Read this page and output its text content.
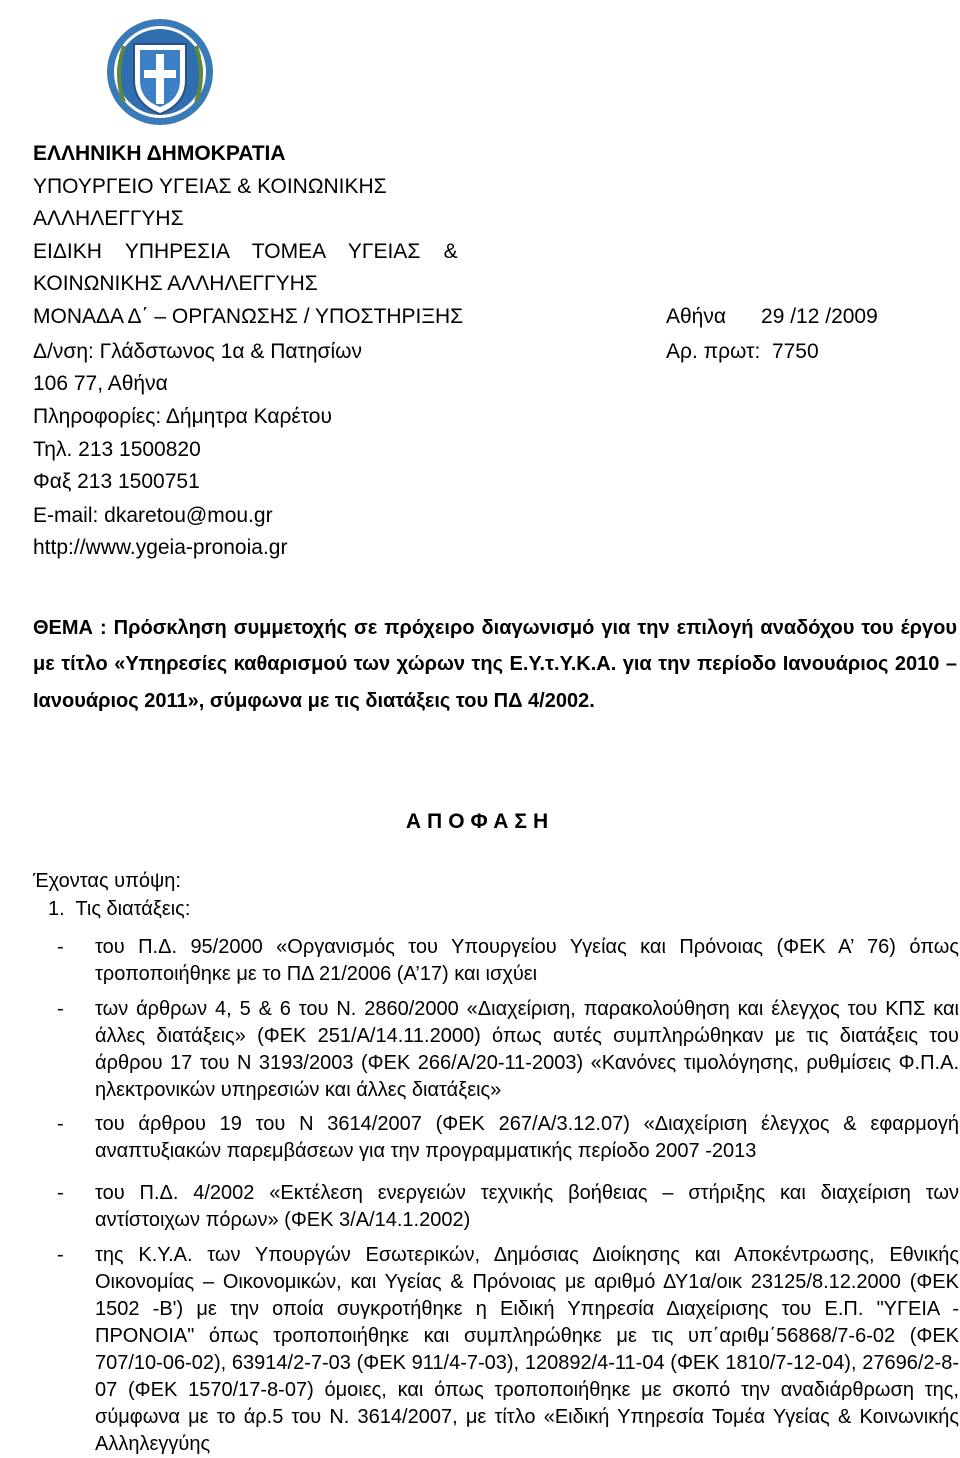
ΕΛΛΗΝΙΚΗ ΔΗΜΟΚΡΑΤΙΑ
ΥΠΟΥΡΓΕΙΟ ΥΓΕΙΑΣ & ΚΟΙΝΩΝΙΚΗΣ
ΑΛΛΗΛΕΓΓΥΗΣ
ΕΙΔΙΚΗ    ΥΠΗΡΕΣΙΑ    ΤΟΜΕΑ    ΥΓΕΙΑΣ    &
ΚΟΙΝΩΝΙΚΗΣ ΑΛΛΗΛΕΓΓΥΗΣ
ΜΟΝΑΔΑ Δ΄ – ΟΡΓΑΝΩΣΗΣ / ΥΠΟΣΤΗΡΙΞΗΣ
Δ/νση: Γλάδστωνος 1α & Πατησίων
106 77, Αθήνα
Πληροφορίες: Δήμητρα Καρέτου
Τηλ. 213 1500820
Φαξ 213 1500751
E-mail: dkaretou@mou.gr
http://www.ygeia-pronoia.gr
Αθήνα      29 /12 /2009
Αρ. πρωτ:  7750
ΘΕΜΑ : Πρόσκληση συμμετοχής σε πρόχειρο διαγωνισμό για την επιλογή αναδόχου του έργου με τίτλο «Υπηρεσίες καθαρισμού των χώρων της Ε.Υ.τ.Υ.Κ.Α. για την περίοδο Ιανουάριος 2010 – Ιανουάριος 2011», σύμφωνα με τις διατάξεις του ΠΔ 4/2002.
ΑΠΟΦΑΣΗ
Έχοντας υπόψη:
1.  Τις διατάξεις:
- του Π.Δ. 95/2000 «Οργανισμός του Υπουργείου Υγείας και Πρόνοιας (ΦΕΚ Α’ 76) όπως τροποποιήθηκε με το ΠΔ 21/2006 (Α’17) και ισχύει
- των άρθρων 4, 5 & 6 του Ν. 2860/2000 «Διαχείριση, παρακολούθηση και έλεγχος του ΚΠΣ και άλλες διατάξεις» (ΦΕΚ 251/Α/14.11.2000) όπως αυτές συμπληρώθηκαν με τις διατάξεις του άρθρου 17 του Ν 3193/2003 (ΦΕΚ 266/Α/20-11-2003) «Κανόνες τιμολόγησης, ρυθμίσεις Φ.Π.Α. ηλεκτρονικών υπηρεσιών και άλλες διατάξεις»
- του άρθρου 19 του Ν 3614/2007 (ΦΕΚ 267/Α/3.12.07) «Διαχείριση έλεγχος & εφαρμογή αναπτυξιακών παρεμβάσεων για την προγραμματικής περίοδο 2007 -2013
- του Π.Δ. 4/2002 «Εκτέλεση ενεργειών τεχνικής βοήθειας – στήριξης και διαχείριση των αντίστοιχων πόρων» (ΦΕΚ 3/Α/14.1.2002)
- της Κ.Υ.Α. των Υπουργών Εσωτερικών, Δημόσιας Διοίκησης και Αποκέντρωσης, Εθνικής Οικονομίας – Οικονομικών, και Υγείας & Πρόνοιας με αριθμό ΔΥ1α/οικ 23125/8.12.2000 (ΦΕΚ 1502 -Β') με την οποία συγκροτήθηκε η Ειδική Υπηρεσία Διαχείρισης του Ε.Π. "ΥΓΕΙΑ - ΠΡΟΝΟΙΑ" όπως τροποποιήθηκε και συμπληρώθηκε με τις υπ΄αριθμ΄56868/7-6-02 (ΦΕΚ 707/10-06-02), 63914/2-7-03 (ΦΕΚ 911/4-7-03), 120892/4-11-04 (ΦΕΚ 1810/7-12-04), 27696/2-8-07 (ΦΕΚ 1570/17-8-07) όμοιες, και όπως τροποποιήθηκε με σκοπό την αναδιάρθρωση της, σύμφωνα με το άρ.5 του Ν. 3614/2007, με τίτλο «Ειδική Υπηρεσία Τομέα Υγείας & Κοινωνικής Αλληλεγγύης
